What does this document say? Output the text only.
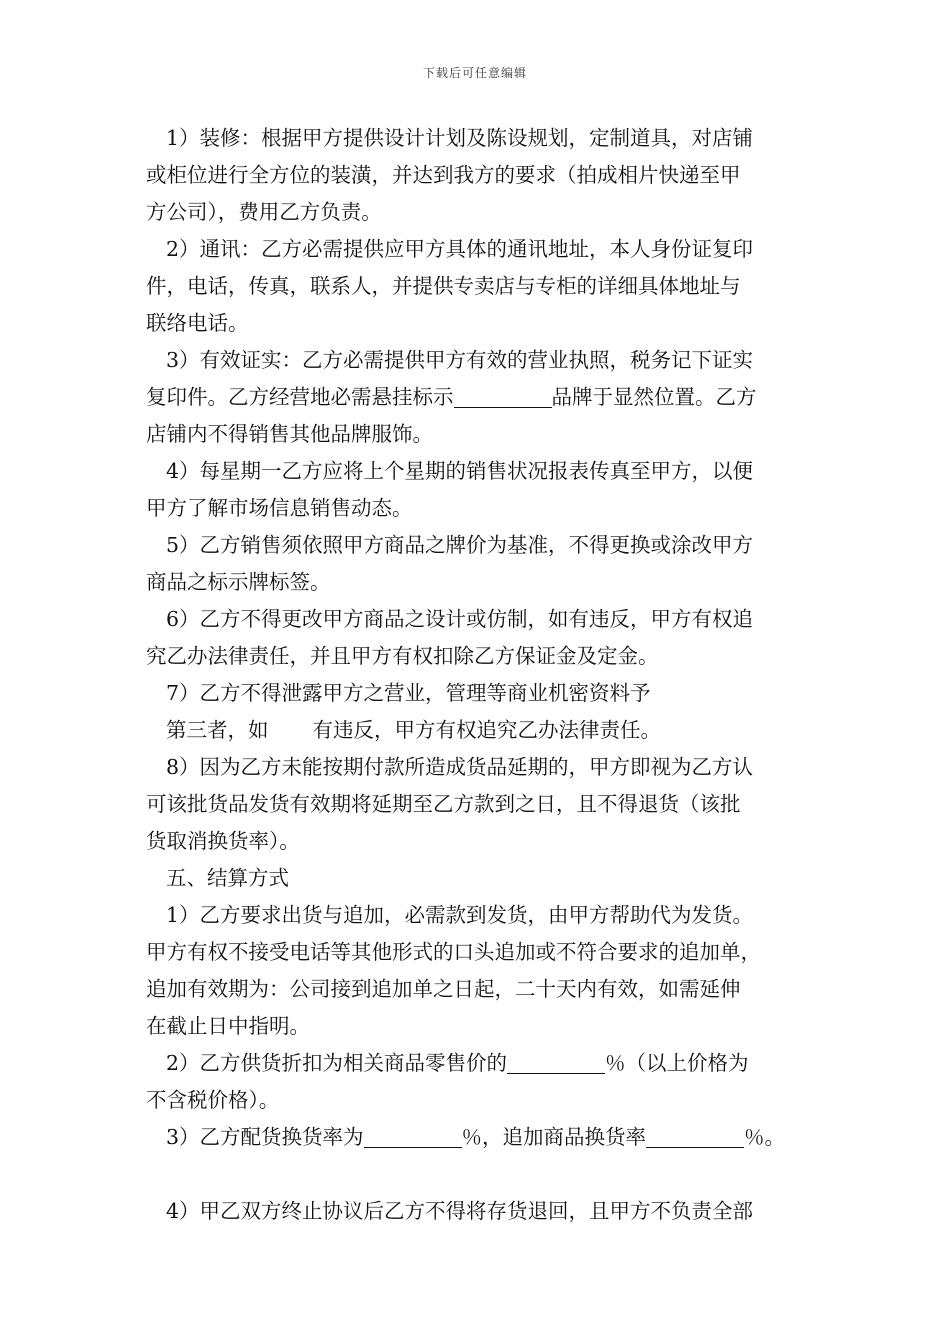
下载后可任意编辑
1）装修：根据甲方提供设计计划及陈设规划，定制道具，对店铺
或柜位进行全方位的装潢，并达到我方的要求（拍成相片快递至甲
方公司），费用乙方负责。
2）通讯：乙方必需提供应甲方具体的通讯地址，本人身份证复印
件，电话，传真，联系人，并提供专卖店与专柜的详细具体地址与
联络电话。
3）有效证实：乙方必需提供甲方有效的营业执照，税务记下证实
复印件。乙方经营地必需悬挂标示	品牌于显然位置。乙方
店铺内不得销售其他品牌服饰。
4）每星期一乙方应将上个星期的销售状况报表传真至甲方，以便
甲方了解市场信息销售动态。
5）乙方销售须依照甲方商品之牌价为基准，不得更换或涂改甲方
商品之标示牌标签。
6）乙方不得更改甲方商品之设计或仿制，如有违反，甲方有权追
究乙办法律责任，并且甲方有权扣除乙方保证金及定金。
7）乙方不得泄露甲方之营业，管理等商业机密资料予
第三者，如 有违反，甲方有权追究乙办法律责任。
8）因为乙方未能按期付款所造成货品延期的，甲方即视为乙方认
可该批货品发货有效期将延期至乙方款到之日，且不得退货（该批
货取消换货率）。
五、结算方式
1）乙方要求出货与追加，必需款到发货，由甲方帮助代为发货。
甲方有权不接受电话等其他形式的口头追加或不符合要求的追加单，
追加有效期为：公司接到追加单之日起，二十天内有效，如需延伸
在截止日中指明。
2）乙方供货折扣为相关商品零售价的	％（以上价格为
不含税价格）。
3）乙方配货换货率为	％，追加商品换货率	％。
4）甲乙双方终止协议后乙方不得将存货退回，且甲方不负责全部
